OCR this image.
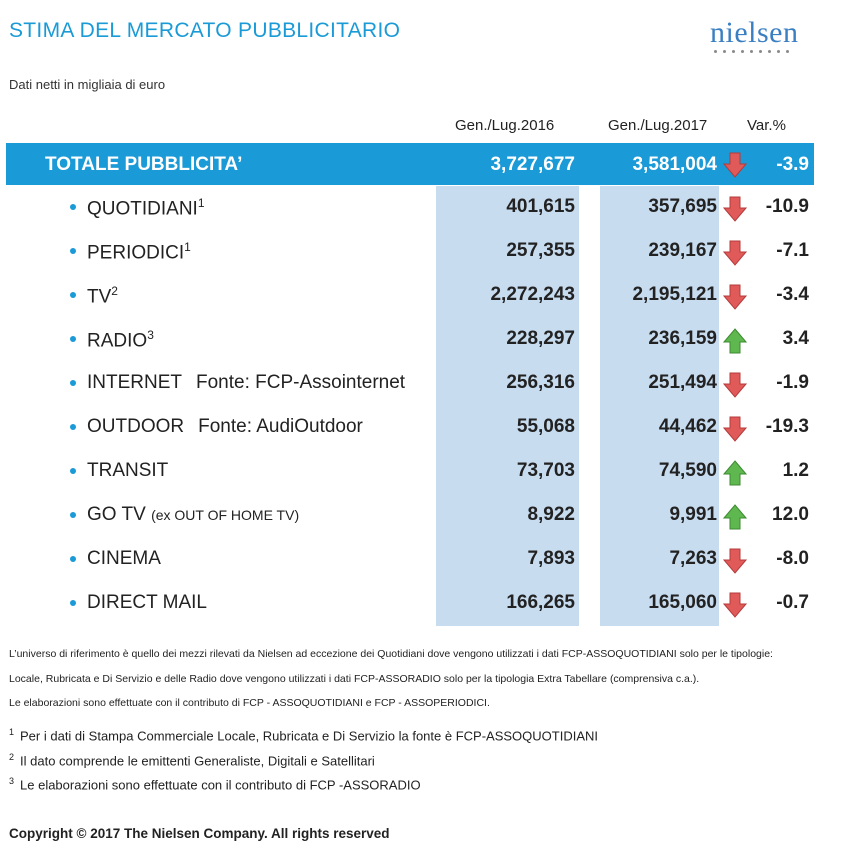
STIMA DEL MERCATO PUBBLICITARIO	nielsen
Dati netti in migliaia di euro
Gen./Lug.2016	Gen./Lug.2017	Var.%
TOTALE PUBBLICITA’	3,727,677	3,581,004	-3.9
QUOTIDIANI$^1$	401,615	357,695	-10.9
PERIODICI$^1$	257,355	239,167	-7.1
$TV^2$	2,272,243	2,195,121	-3.4
RADIO$^3$	228,297	236,159	3.4
INTERNET Fonte: FCP-Assointernet	256,316	251,494	-1.9
OUTDOOR Fonte: AudiOutdoor	55,068	44,462	-19.3
TRANSIT	73,703	74,590	1.2
GO TV (ex OUT OF HOME TV)	8,922	9,991	12.0
CINEMA	7,893	7,263	-8.0
DIRECT MAIL	166,265	165,060	-0.7
L’universo di riferimento è quello dei mezzi rilevati da Nielsen ad eccezione dei Quotidiani dove vengono utilizzati i dati FCP-ASSOQUOTIDIANI solo per le tipologie:
Locale, Rubricata e Di Servizio e delle Radio dove vengono utilizzati i dati FCP-ASSORADIO solo per la tipologia Extra Tabellare (comprensiva c.a.).
Le elaborazioni sono effettuate con il contributo di FCP - ASSOQUOTIDIANI e FCP - ASSOPERIODICI.
$^1$ Per i dati di Stampa Commerciale Locale, Rubricata e Di Servizio la fonte è FCP-ASSOQUOTIDIANI
$^2$ Il dato comprende le emittenti Generaliste, Digitali e Satellitari
$^3$ Le elaborazioni sono effettuate con il contributo di FCP -ASSORADIO
Copyright © 2017 The Nielsen Company. All rights reserved
